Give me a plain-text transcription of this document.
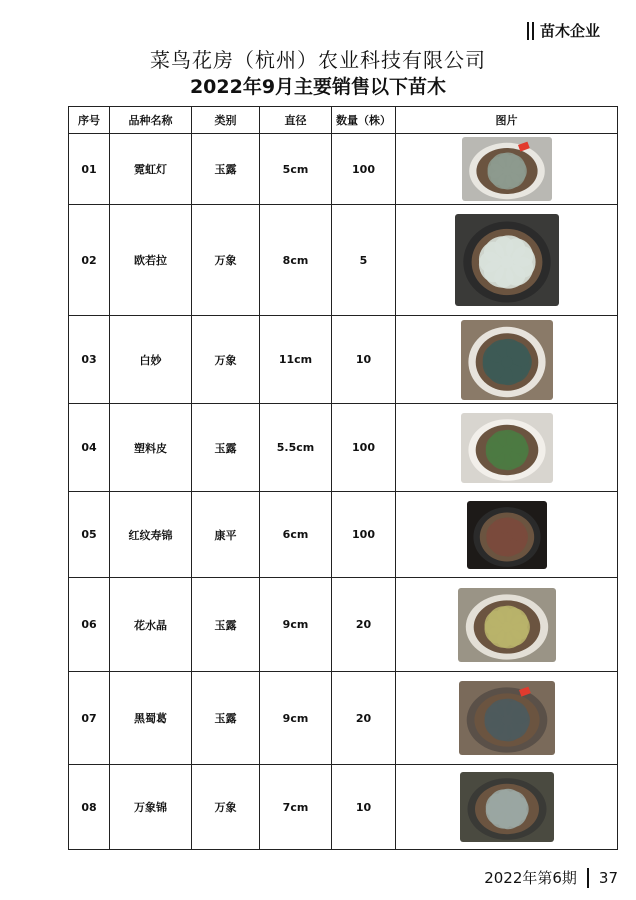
苗木企业
菜鸟花房（杭州）农业科技有限公司
2022年9月主要销售以下苗木
序号	品种名称	类别	直径	数量（株）	图片
01	霓虹灯	玉露	5cm	100	

02	欧若拉	万象	8cm	5	

03	白妙	万象	11cm	10	

04	塑料皮	玉露	5.5cm	100	

05	红纹寿锦	康平	6cm	100	

06	花水晶	玉露	9cm	20	

07	黑蜀葛	玉露	9cm	20	

08	万象锦	万象	7cm	10	
2022年第6期 37
